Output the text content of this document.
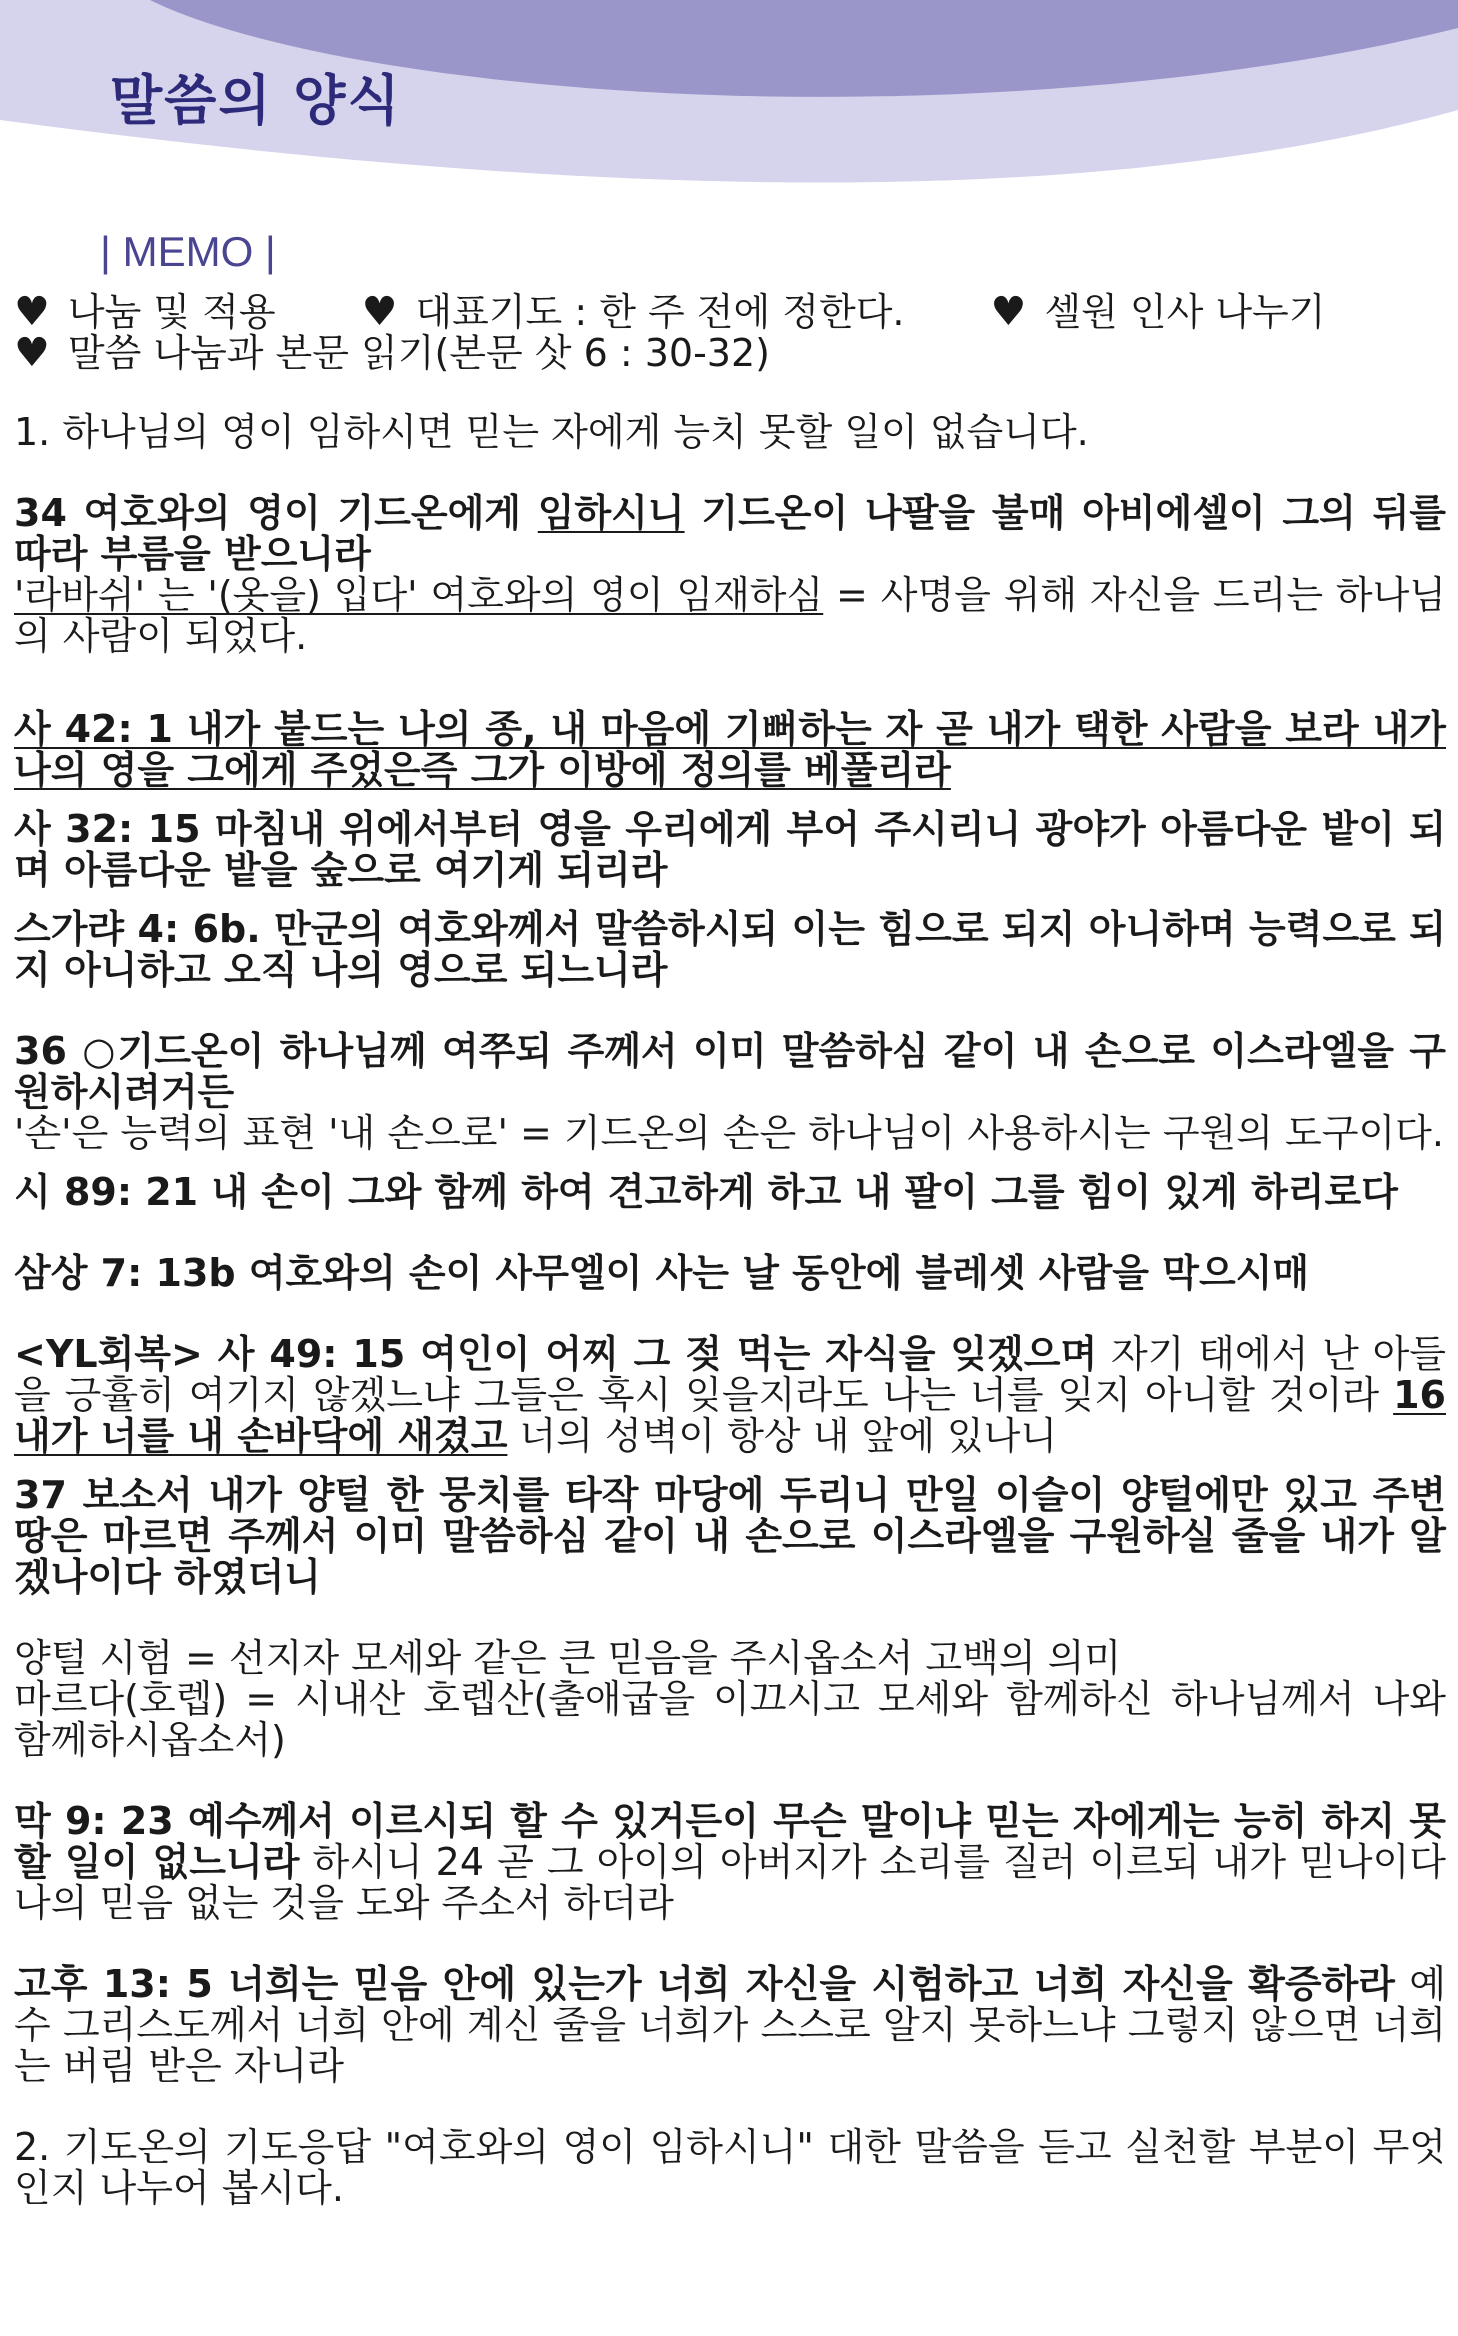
말씀의 양식
| MEMO |
♥ 나눔 및 적용 ♥ 대표기도 : 한 주 전에 정한다. ♥ 셀원 인사 나누기
♥ 말씀 나눔과 본문 읽기(본문 삿 6 : 30-32)
1. 하나님의 영이 임하시면 믿는 자에게 능치 못할 일이 없습니다.
34 여호와의 영이 기드온에게 임하시니 기드온이 나팔을 불매 아비에셀이 그의 뒤를 따라 부름을 받으니라
'라바쉬' 는 '(옷을) 입다' 여호와의 영이 임재하심 = 사명을 위해 자신을 드리는 하나님의 사람이 되었다.
사 42: 1 내가 붙드는 나의 종, 내 마음에 기뻐하는 자 곧 내가 택한 사람을 보라 내가 나의 영을 그에게 주었은즉 그가 이방에 정의를 베풀리라
사 32: 15 마침내 위에서부터 영을 우리에게 부어 주시리니 광야가 아름다운 밭이 되며 아름다운 밭을 숲으로 여기게 되리라
스가랴 4: 6b. 만군의 여호와께서 말씀하시되 이는 힘으로 되지 아니하며 능력으로 되지 아니하고 오직 나의 영으로 되느니라
36 ○기드온이 하나님께 여쭈되 주께서 이미 말씀하심 같이 내 손으로 이스라엘을 구원하시려거든
'손'은 능력의 표현 '내 손으로' = 기드온의 손은 하나님이 사용하시는 구원의 도구이다.
시 89: 21 내 손이 그와 함께 하여 견고하게 하고 내 팔이 그를 힘이 있게 하리로다
삼상 7: 13b 여호와의 손이 사무엘이 사는 날 동안에 블레셋 사람을 막으시매
<YL회복> 사 49: 15 여인이 어찌 그 젖 먹는 자식을 잊겠으며 자기 태에서 난 아들을 긍휼히 여기지 않겠느냐 그들은 혹시 잊을지라도 나는 너를 잊지 아니할 것이라 16 내가 너를 내 손바닥에 새겼고 너의 성벽이 항상 내 앞에 있나니
37 보소서 내가 양털 한 뭉치를 타작 마당에 두리니 만일 이슬이 양털에만 있고 주변 땅은 마르면 주께서 이미 말씀하심 같이 내 손으로 이스라엘을 구원하실 줄을 내가 알겠나이다 하였더니
양털 시험 = 선지자 모세와 같은 큰 믿음을 주시옵소서 고백의 의미
마르다(호렙) = 시내산 호렙산(출애굽을 이끄시고 모세와 함께하신 하나님께서 나와 함께하시옵소서)
막 9: 23 예수께서 이르시되 할 수 있거든이 무슨 말이냐 믿는 자에게는 능히 하지 못할 일이 없느니라 하시니 24 곧 그 아이의 아버지가 소리를 질러 이르되 내가 믿나이다 나의 믿음 없는 것을 도와 주소서 하더라
고후 13: 5 너희는 믿음 안에 있는가 너희 자신을 시험하고 너희 자신을 확증하라 예수 그리스도께서 너희 안에 계신 줄을 너희가 스스로 알지 못하느냐 그렇지 않으면 너희는 버림 받은 자니라
2. 기도온의 기도응답 "여호와의 영이 임하시니" 대한 말씀을 듣고 실천할 부분이 무엇인지 나누어 봅시다.
